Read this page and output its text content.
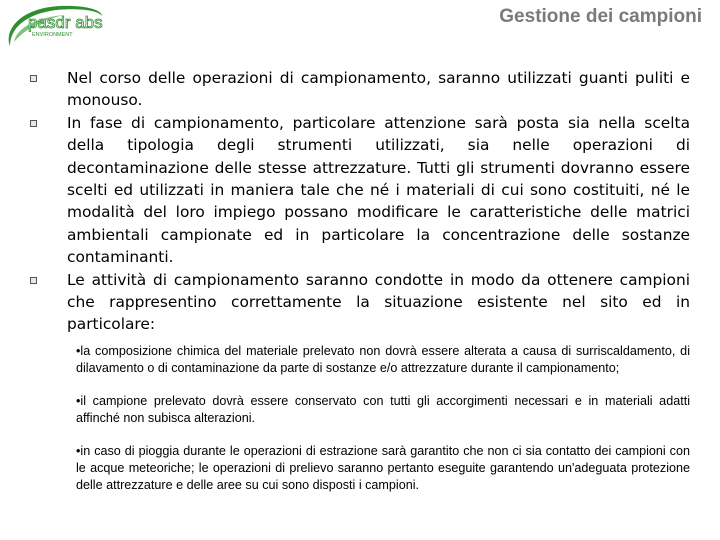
pasdr abs
ENVIRONMENT
Gestione dei campioni
Nel corso delle operazioni di campionamento, saranno utilizzati guanti puliti e monouso.
In fase di campionamento, particolare attenzione sarà posta sia nella scelta della tipologia degli strumenti utilizzati, sia nelle operazioni di decontaminazione delle stesse attrezzature. Tutti gli strumenti dovranno essere scelti ed utilizzati in maniera tale che né i materiali di cui sono costituiti, né le modalità del loro impiego possano modificare le caratteristiche delle matrici ambientali campionate ed in particolare la concentrazione delle sostanze contaminanti.
Le attività di campionamento saranno condotte in modo da ottenere campioni che rappresentino correttamente la situazione esistente nel sito ed in particolare:
•la composizione chimica del materiale prelevato non dovrà essere alterata a causa di surriscaldamento, di dilavamento o di contaminazione da parte di sostanze e/o attrezzature durante il campionamento;
•il campione prelevato dovrà essere conservato con tutti gli accorgimenti necessari e in materiali adatti affinché non subisca alterazioni.
•in caso di pioggia durante le operazioni di estrazione sarà garantito che non ci sia contatto dei campioni con le acque meteoriche; le operazioni di prelievo saranno pertanto eseguite garantendo un'adeguata protezione delle attrezzature e delle aree su cui sono disposti i campioni.
